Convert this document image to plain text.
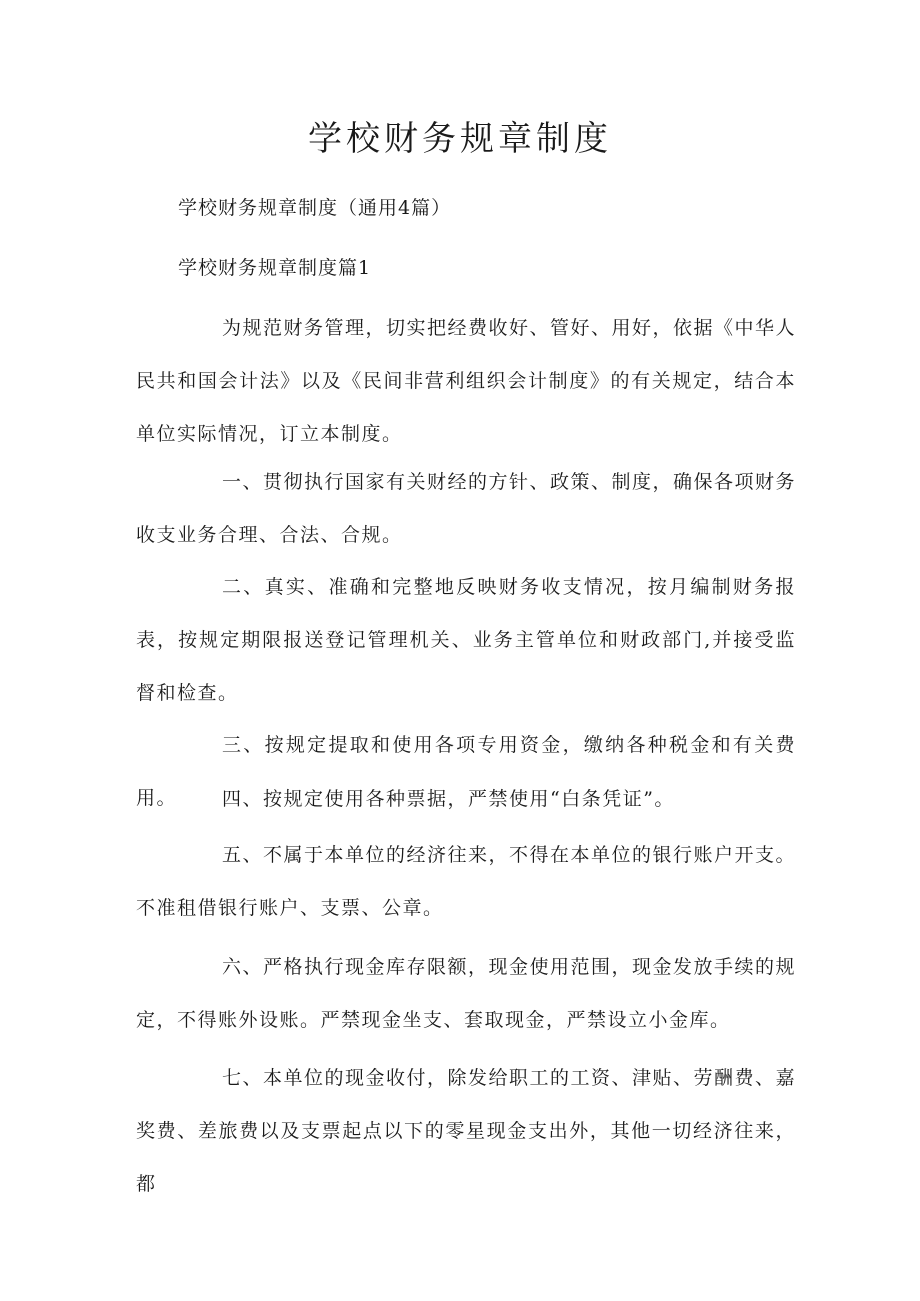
学校财务规章制度

学校财务规章制度（通用4篇）

学校财务规章制度篇1

为规范财务管理，切实把经费收好、管好、用好，依据《中华人民共和国会计法》以及《民间非营利组织会计制度》的有关规定，结合本单位实际情况，订立本制度。

一、贯彻执行国家有关财经的方针、政策、制度，确保各项财务收支业务合理、合法、合规。

二、真实、准确和完整地反映财务收支情况，按月编制财务报表，按规定期限报送登记管理机关、业务主管单位和财政部门,并接受监督和检查。

三、按规定提取和使用各项专用资金，缴纳各种税金和有关费用。	四、按规定使用各种票据，严禁使用“白条凭证”。

五、不属于本单位的经济往来，不得在本单位的银行账户开支。不准租借银行账户、支票、公章。

六、严格执行现金库存限额，现金使用范围，现金发放手续的规定，不得账外设账。严禁现金坐支、套取现金，严禁设立小金库。

七、本单位的现金收付，除发给职工的工资、津贴、劳酬费、嘉奖费、差旅费以及支票起点以下的零星现金支出外，其他一切经济往来，都
